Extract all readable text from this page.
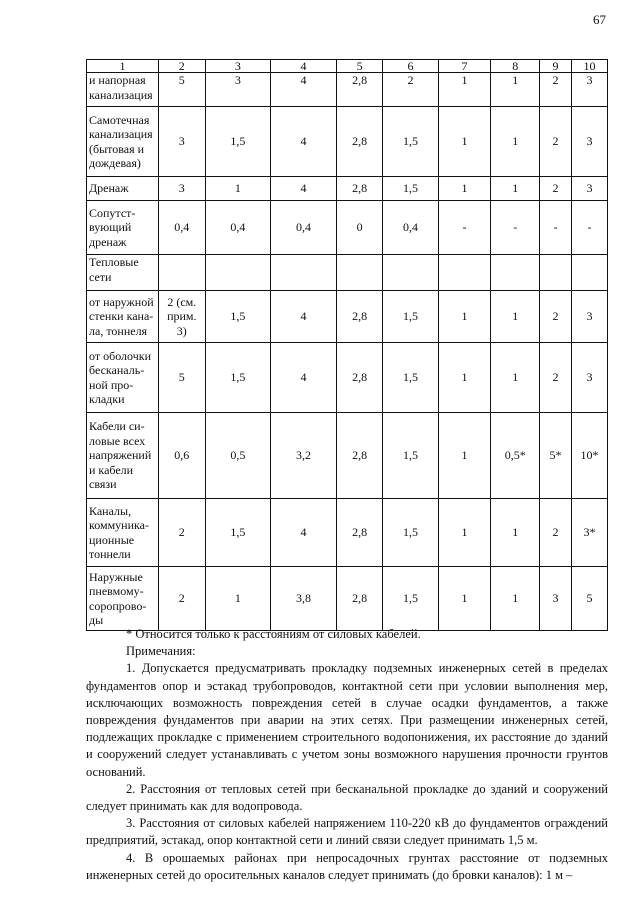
67
1	2	3	4	5	6	7	8	9	10
и напорная канализация	5	3	4	2,8	2	1	1	2	3
Самотечная канализация (бытовая и дождевая)	3	1,5	4	2,8	1,5	1	1	2	3
Дренаж	3	1	4	2,8	1,5	1	1	2	3
Сопутст-вующий дренаж	0,4	0,4	0,4	0	0,4	-	-	-	-
Тепловые сети									
от наружной стенки кана-ла, тоннеля	2 (см. прим. 3)	1,5	4	2,8	1,5	1	1	2	3
от оболочки бесканаль-ной про-кладки	5	1,5	4	2,8	1,5	1	1	2	3
Кабели си-ловые всех напряжений и кабели связи	0,6	0,5	3,2	2,8	1,5	1	0,5*	5*	10*
Каналы, коммуника-ционные тоннели	2	1,5	4	2,8	1,5	1	1	2	3*
Наружные пневмому-соропрово-ды	2	1	3,8	2,8	1,5	1	1	3	5

* Относится только к расстояниям от силовых кабелей.

Примечания:

1. Допускается предусматривать прокладку подземных инженерных сетей в пределах фундаментов опор и эстакад трубопроводов, контактной сети при условии выполнения мер, исключающих возможность повреждения сетей в случае осадки фундаментов, а также повреждения фундаментов при аварии на этих сетях. При размещении инженерных сетей, подлежащих прокладке с применением строительного водопонижения, их расстояние до зданий и сооружений следует устанавливать с учетом зоны возможного нарушения прочности грунтов оснований.

2. Расстояния от тепловых сетей при бесканальной прокладке до зданий и сооружений следует принимать как для водопровода.

3. Расстояния от силовых кабелей напряжением 110-220 кВ до фундаментов ограждений предприятий, эстакад, опор контактной сети и линий связи следует принимать 1,5 м.

4. В орошаемых районах при непросадочных грунтах расстояние от подземных инженерных сетей до оросительных каналов следует принимать (до бровки каналов): 1 м –
